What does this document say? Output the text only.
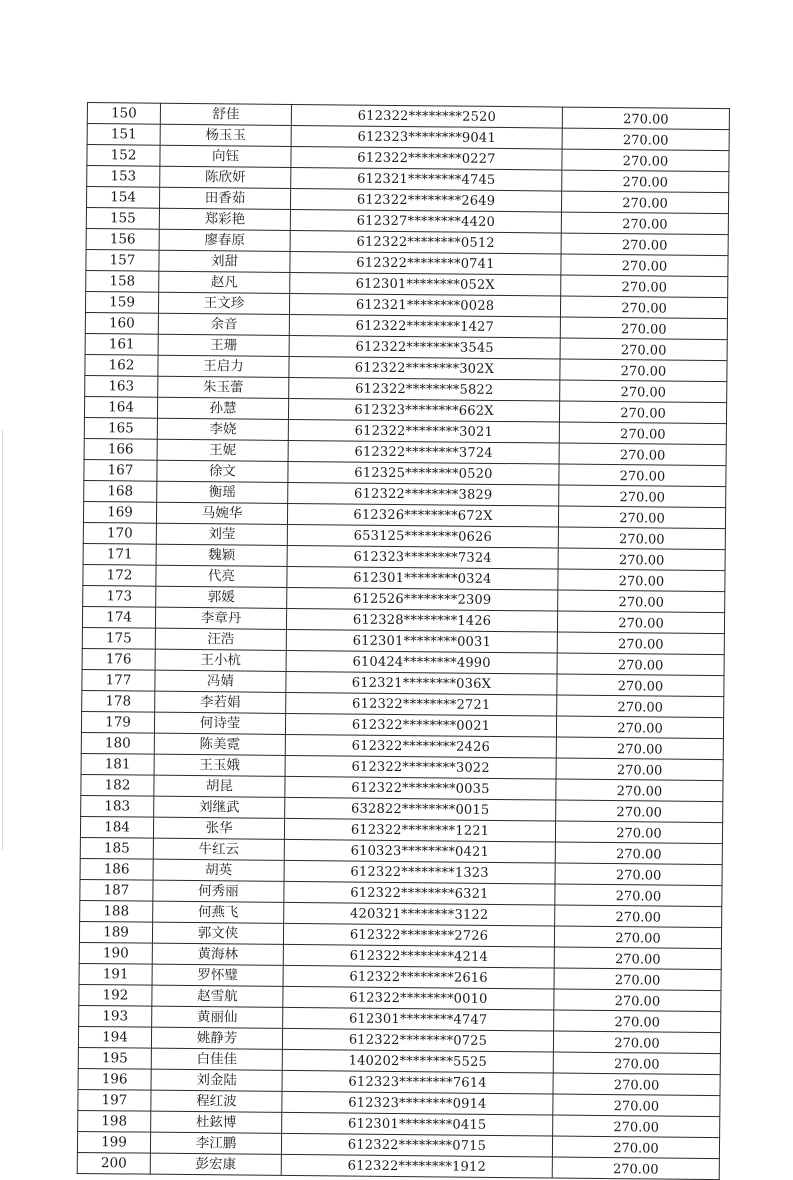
150	舒佳	612322********2520	270.00
151	杨玉玉	612323********9041	270.00
152	向钰	612322********0227	270.00
153	陈欣妍	612321********4745	270.00
154	田香茹	612322********2649	270.00
155	郑彩艳	612327********4420	270.00
156	廖春原	612322********0512	270.00
157	刘甜	612322********0741	270.00
158	赵凡	612301********052X	270.00
159	王文珍	612321********0028	270.00
160	余音	612322********1427	270.00
161	王珊	612322********3545	270.00
162	王启力	612322********302X	270.00
163	朱玉蕾	612322********5822	270.00
164	孙慧	612323********662X	270.00
165	李娆	612322********3021	270.00
166	王妮	612322********3724	270.00
167	徐文	612325********0520	270.00
168	衡瑶	612322********3829	270.00
169	马婉华	612326********672X	270.00
170	刘莹	653125********0626	270.00
171	魏颖	612323********7324	270.00
172	代亮	612301********0324	270.00
173	郭媛	612526********2309	270.00
174	李章丹	612328********1426	270.00
175	汪浩	612301********0031	270.00
176	王小杭	610424********4990	270.00
177	冯婧	612321********036X	270.00
178	李若娟	612322********2721	270.00
179	何诗莹	612322********0021	270.00
180	陈美霓	612322********2426	270.00
181	王玉娥	612322********3022	270.00
182	胡昆	612322********0035	270.00
183	刘继武	632822********0015	270.00
184	张华	612322********1221	270.00
185	牛红云	610323********0421	270.00
186	胡英	612322********1323	270.00
187	何秀丽	612322********6321	270.00
188	何燕飞	420321********3122	270.00
189	郭文侠	612322********2726	270.00
190	黄海林	612322********4214	270.00
191	罗怀璧	612322********2616	270.00
192	赵雪航	612322********0010	270.00
193	黄丽仙	612301********4747	270.00
194	姚静芳	612322********0725	270.00
195	白佳佳	140202********5525	270.00
196	刘金陆	612323********7614	270.00
197	程红波	612323********0914	270.00
198	杜鉉博	612301********0415	270.00
199	李江鹏	612322********0715	270.00
200	彭宏康	612322********1912	270.00
